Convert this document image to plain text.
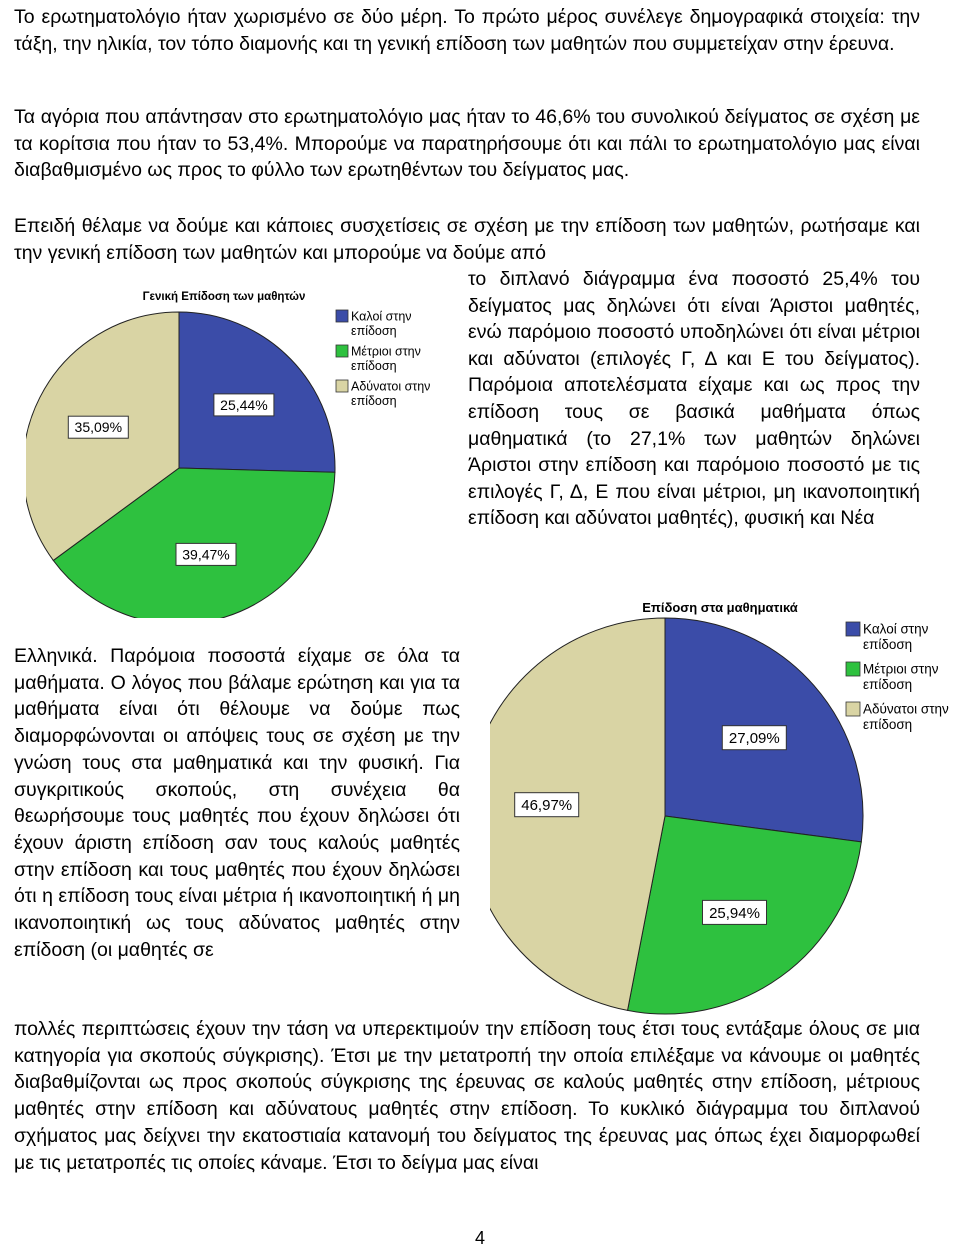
Το ερωτηματολόγιο ήταν χωρισμένο σε δύο μέρη. Το πρώτο μέρος συνέλεγε δημογραφικά στοιχεία: την τάξη, την ηλικία, τον τόπο διαμονής και τη γενική επίδοση των μαθητών που συμμετείχαν στην έρευνα.

Τα αγόρια που απάντησαν στο ερωτηματολόγιο μας ήταν το 46,6% του συνολικού δείγματος σε σχέση με τα κορίτσια που ήταν το 53,4%. Μπορούμε να παρατηρήσουμε ότι και πάλι το ερωτηματολόγιο μας είναι διαβαθμισμένο ως προς το φύλλο των ερωτηθέντων του δείγματος μας.

Επειδή θέλαμε να δούμε και κάποιες συσχετίσεις σε σχέση με την επίδοση των μαθητών, ρωτήσαμε και την γενική επίδοση των μαθητών και μπορούμε να δούμε από

το διπλανό διάγραμμα ένα ποσοστό 25,4% του δείγματος μας δηλώνει ότι είναι Άριστοι μαθητές, ενώ παρόμοιο ποσοστό υποδηλώνει ότι είναι μέτριοι και αδύνατοι (επιλογές Γ, Δ και Ε του δείγματος). Παρόμοια αποτελέσματα είχαμε και ως προς την επίδοση τους σε βασικά μαθήματα όπως μαθηματικά (το 27,1% των μαθητών δηλώνει Άριστοι στην επίδοση και παρόμοιο ποσοστό με τις επιλογές Γ, Δ, Ε που είναι μέτριοι, μη ικανοποιητική επίδοση και αδύνατοι μαθητές), φυσική και Νέα

Ελληνικά. Παρόμοια ποσοστά είχαμε σε όλα τα μαθήματα. Ο λόγος που βάλαμε ερώτηση και για τα μαθήματα είναι ότι θέλουμε να δούμε πως διαμορφώνονται οι απόψεις τους σε σχέση με την γνώση τους στα μαθηματικά και την φυσική. Για συγκριτικούς σκοπούς, στη συνέχεια θα θεωρήσουμε τους μαθητές που έχουν δηλώσει ότι έχουν άριστη επίδοση σαν τους καλούς μαθητές στην επίδοση και τους μαθητές που έχουν δηλώσει ότι η επίδοση τους είναι μέτρια ή ικανοποιητική ή μη ικανοποιητική ως τους αδύνατος μαθητές στην επίδοση (οι μαθητές σε

πολλές περιπτώσεις έχουν την τάση να υπερεκτιμούν την επίδοση τους έτσι τους εντάξαμε όλους σε μια κατηγορία για σκοπούς σύγκρισης). Έτσι με την μετατροπή την οποία επιλέξαμε να κάνουμε οι μαθητές διαβαθμίζονται ως προς σκοπούς σύγκρισης της έρευνας σε καλούς μαθητές στην επίδοση, μέτριους μαθητές στην επίδοση και αδύνατους μαθητές στην επίδοση. Το κυκλικό διάγραμμα του διπλανού σχήματος μας δείχνει την εκατοστιαία κατανομή του δείγματος της έρευνας μας όπως έχει διαμορφωθεί με τις μετατροπές τις οποίες κάναμε. Έτσι το δείγμα μας είναι

Γενική Επίδοση των μαθητών
25,44%
39,47%
35,09%
Καλοί στην επίδοση
Μέτριοι στην επίδοση
Αδύνατοι στην επίδοση
Επίδοση στα μαθηματικά
27,09%
25,94%
46,97%
Καλοί στην επίδοση
Μέτριοι στην επίδοση
Αδύνατοι στην επίδοση
4
